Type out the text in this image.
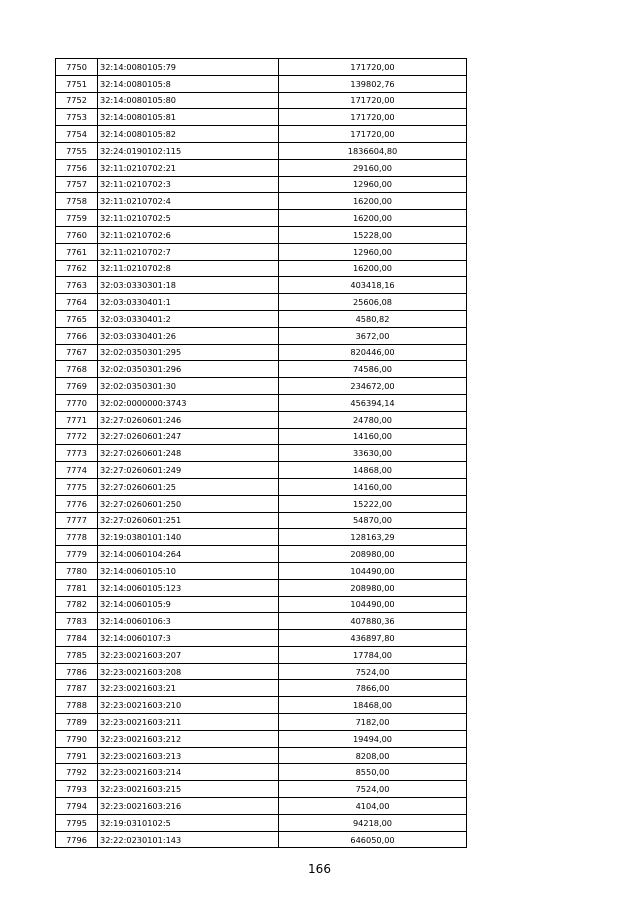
7750	32:14:0080105:79	171720,00
7751	32:14:0080105:8	139802,76
7752	32:14:0080105:80	171720,00
7753	32:14:0080105:81	171720,00
7754	32:14:0080105:82	171720,00
7755	32:24:0190102:115	1836604,80
7756	32:11:0210702:21	29160,00
7757	32:11:0210702:3	12960,00
7758	32:11:0210702:4	16200,00
7759	32:11:0210702:5	16200,00
7760	32:11:0210702:6	15228,00
7761	32:11:0210702:7	12960,00
7762	32:11:0210702:8	16200,00
7763	32:03:0330301:18	403418,16
7764	32:03:0330401:1	25606,08
7765	32:03:0330401:2	4580,82
7766	32:03:0330401:26	3672,00
7767	32:02:0350301:295	820446,00
7768	32:02:0350301:296	74586,00
7769	32:02:0350301:30	234672,00
7770	32:02:0000000:3743	456394,14
7771	32:27:0260601:246	24780,00
7772	32:27:0260601:247	14160,00
7773	32:27:0260601:248	33630,00
7774	32:27:0260601:249	14868,00
7775	32:27:0260601:25	14160,00
7776	32:27:0260601:250	15222,00
7777	32:27:0260601:251	54870,00
7778	32:19:0380101:140	128163,29
7779	32:14:0060104:264	208980,00
7780	32:14:0060105:10	104490,00
7781	32:14:0060105:123	208980,00
7782	32:14:0060105:9	104490,00
7783	32:14:0060106:3	407880,36
7784	32:14:0060107:3	436897,80
7785	32:23:0021603:207	17784,00
7786	32:23:0021603:208	7524,00
7787	32:23:0021603:21	7866,00
7788	32:23:0021603:210	18468,00
7789	32:23:0021603:211	7182,00
7790	32:23:0021603:212	19494,00
7791	32:23:0021603:213	8208,00
7792	32:23:0021603:214	8550,00
7793	32:23:0021603:215	7524,00
7794	32:23:0021603:216	4104,00
7795	32:19:0310102:5	94218,00
7796	32:22:0230101:143	646050,00
166
